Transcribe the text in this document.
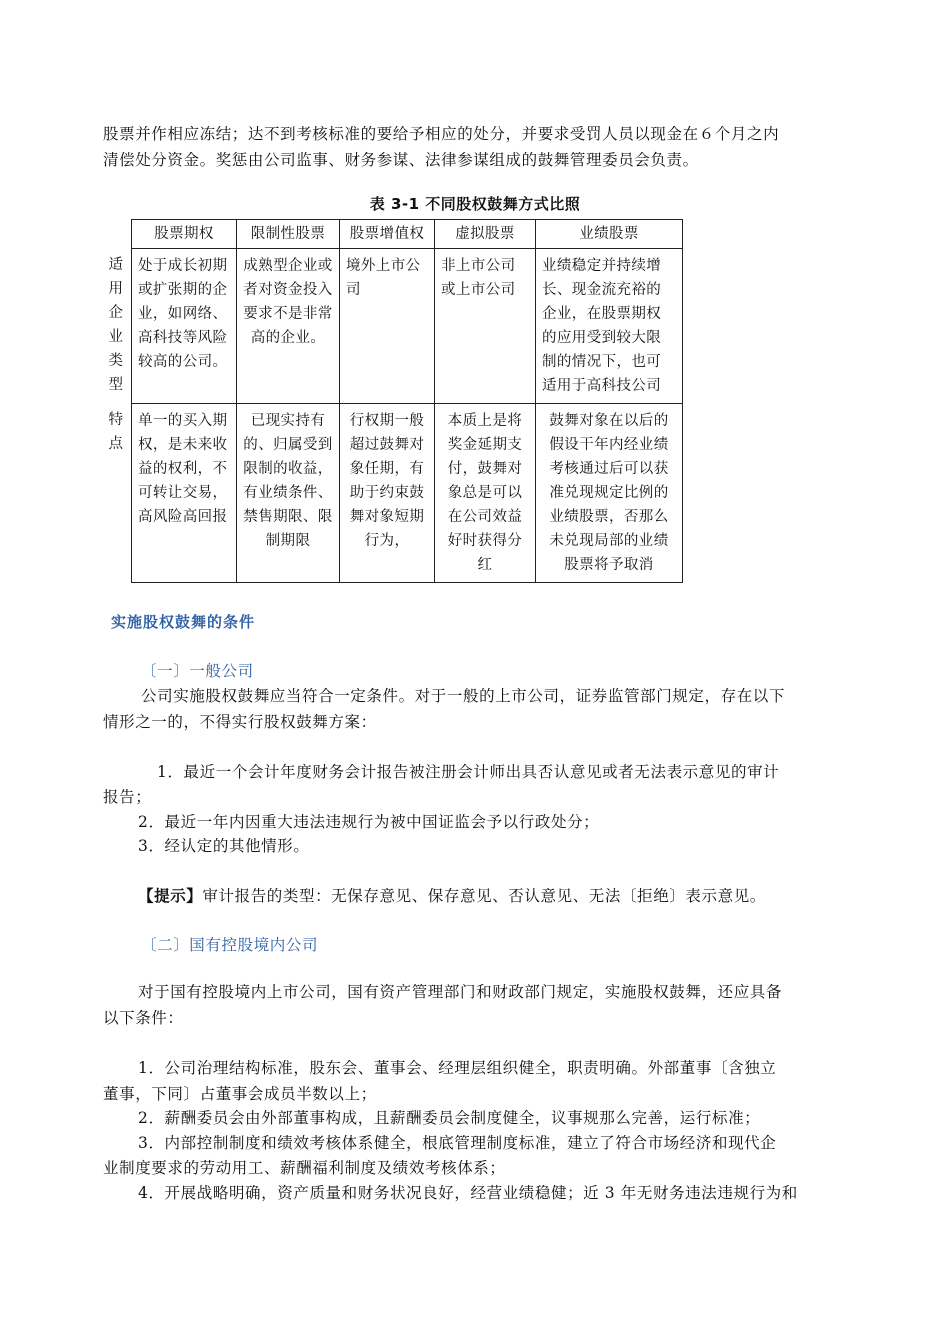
股票并作相应冻结；达不到考核标准的要给予相应的处分，并要求受罚人员以现金在６个月之内
清偿处分资金。奖惩由公司监事、财务参谋、法律参谋组成的鼓舞管理委员会负责。
表 3-1 不同股权鼓舞方式比照
	股票期权	限制性股票	股票增值权	虚拟股票	业绩股票
适用企业类型	处于成长初期或扩张期的企业，如网络、高科技等风险较高的公司。	成熟型企业或者对资金投入要求不是非常高的企业。	境外上市公司	非上市公司或上市公司	业绩稳定并持续增长、现金流充裕的企业，在股票期权的应用受到较大限制的情况下，也可适用于高科技公司
特点	单一的买入期权，是未来收益的权利，不可转让交易，高风险高回报	已现实持有的、归属受到限制的收益，有业绩条件、禁售期限、限制期限	行权期一般超过鼓舞对象任期，有助于约束鼓舞对象短期行为，	本质上是将奖金延期支付，鼓舞对象总是可以在公司效益好时获得分红	鼓舞对象在以后的假设干年内经业绩考核通过后可以获准兑现规定比例的业绩股票，否那么未兑现局部的业绩股票将予取消
实施股权鼓舞的条件
〔一〕一般公司
公司实施股权鼓舞应当符合一定条件。对于一般的上市公司，证券监管部门规定，存在以下
情形之一的，不得实行股权鼓舞方案：
1．最近一个会计年度财务会计报告被注册会计师出具否认意见或者无法表示意见的审计
报告；
2．最近一年内因重大违法违规行为被中国证监会予以行政处分；
3．经认定的其他情形。
【提示】审计报告的类型：无保存意见、保存意见、否认意见、无法〔拒绝〕表示意见。
〔二〕国有控股境内公司
对于国有控股境内上市公司，国有资产管理部门和财政部门规定，实施股权鼓舞，还应具备
以下条件：
1．公司治理结构标准，股东会、董事会、经理层组织健全，职责明确。外部董事〔含独立
董事，下同〕占董事会成员半数以上；
2．薪酬委员会由外部董事构成，且薪酬委员会制度健全，议事规那么完善，运行标准；
3．内部控制制度和绩效考核体系健全，根底管理制度标准，建立了符合市场经济和现代企
业制度要求的劳动用工、薪酬福利制度及绩效考核体系；
4．开展战略明确，资产质量和财务状况良好，经营业绩稳健；近 3 年无财务违法违规行为和
